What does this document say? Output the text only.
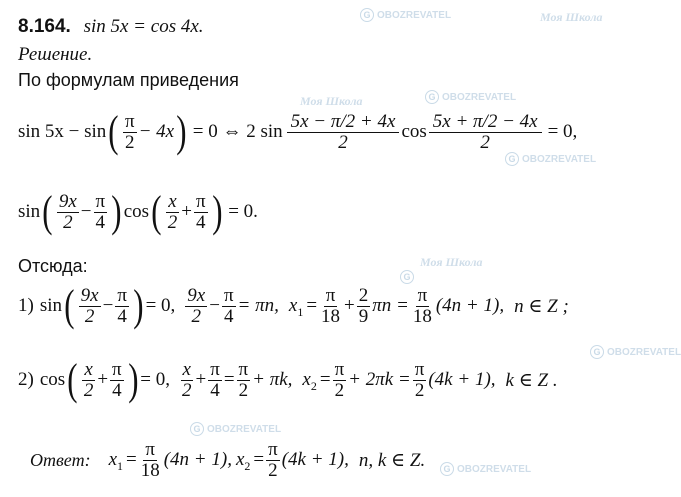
G OBOZREVATEL	Моя Школа
G OBOZREVATEL
Моя Школа
G OBOZREVATEL
Моя Школа
G
G OBOZREVATEL
G OBOZREVATEL
G OBOZREVATEL
8.164. sin 5x = cos 4x.
Решение.
По формулам приведения
sin 5x − sin ( $\frac{\pi}{2} - 4x$ ) = 0 ⇔ 2 $\sin \frac{5x - \pi/2 + 4x}{2}$ $\cos \frac{5x + \pi/2 - 4x}{2} = 0$,
sin ( $\frac{9x}{2} - \frac{\pi}{4}$ ) cos ( $\frac{x}{2} + \frac{\pi}{4}$ ) = 0.
Отсюда:
1) sin ( $\frac{9x}{2} - \frac{\pi}{4}$ ) = 0, $\frac{9x}{2} - \frac{\pi}{4} = \pi n$, x $1 = \frac{\pi}{18} + \frac{2}{9}$ $\pi n = \frac{\pi}{18} (4n + 1)$, n ∈ Z ;
2) cos ( $\frac{x}{2} + \frac{\pi}{4}$ ) = 0, $\frac{x}{2} + \frac{\pi}{4} = \frac{\pi}{2} + \pi k$, x $2 = \frac{\pi}{2} + 2\pi k = \frac{\pi}{2} (4k + 1)$, k ∈ Z .
Ответ: x $1 = \frac{\pi}{18} (4n + 1)$, x $2 = \frac{\pi}{2} (4k + 1)$, n, k ∈ Z.
